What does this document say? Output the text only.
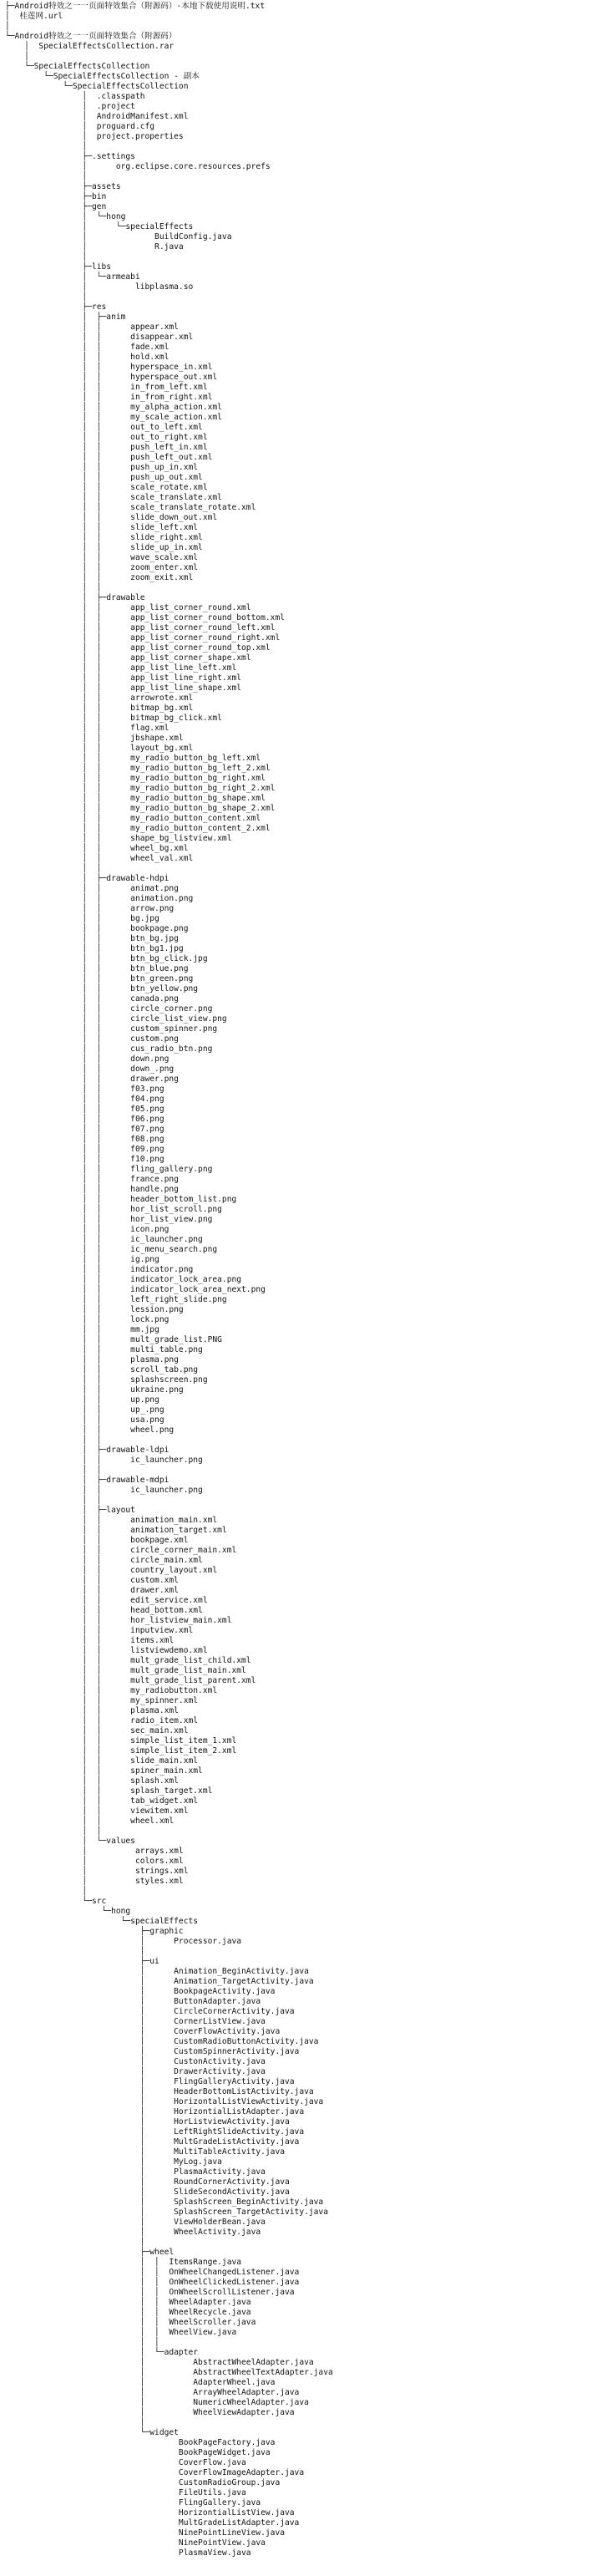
├─Android特效之一一页面特效集合（附源码）-本地下载使用说明.txt
│  桂莲网.url
│
└─Android特效之一一页面特效集合（附源码）
│  SpecialEffectsCollection.rar
│
└─SpecialEffectsCollection
└─SpecialEffectsCollection - 副本
└─SpecialEffectsCollection
│  .classpath
│  .project
│  AndroidManifest.xml
│  proguard.cfg
│  project.properties
│
├─.settings
│      org.eclipse.core.resources.prefs
│
├─assets
├─bin
├─gen
│  └─hong
│      └─specialEffects
│              BuildConfig.java
│              R.java
│
├─libs
│  └─armeabi
│          libplasma.so
│
├─res
│  ├─anim
│  │      appear.xml
│  │      disappear.xml
│  │      fade.xml
│  │      hold.xml
│  │      hyperspace_in.xml
│  │      hyperspace_out.xml
│  │      in_from_left.xml
│  │      in_from_right.xml
│  │      my_alpha_action.xml
│  │      my_scale_action.xml
│  │      out_to_left.xml
│  │      out_to_right.xml
│  │      push_left_in.xml
│  │      push_left_out.xml
│  │      push_up_in.xml
│  │      push_up_out.xml
│  │      scale_rotate.xml
│  │      scale_translate.xml
│  │      scale_translate_rotate.xml
│  │      slide_down_out.xml
│  │      slide_left.xml
│  │      slide_right.xml
│  │      slide_up_in.xml
│  │      wave_scale.xml
│  │      zoom_enter.xml
│  │      zoom_exit.xml
│  │
│  ├─drawable
│  │      app_list_corner_round.xml
│  │      app_list_corner_round_bottom.xml
│  │      app_list_corner_round_left.xml
│  │      app_list_corner_round_right.xml
│  │      app_list_corner_round_top.xml
│  │      app_list_corner_shape.xml
│  │      app_list_line_left.xml
│  │      app_list_line_right.xml
│  │      app_list_line_shape.xml
│  │      arrowrote.xml
│  │      bitmap_bg.xml
│  │      bitmap_bg_click.xml
│  │      flag.xml
│  │      jbshape.xml
│  │      layout_bg.xml
│  │      my_radio_button_bg_left.xml
│  │      my_radio_button_bg_left_2.xml
│  │      my_radio_button_bg_right.xml
│  │      my_radio_button_bg_right_2.xml
│  │      my_radio_button_bg_shape.xml
│  │      my_radio_button_bg_shape_2.xml
│  │      my_radio_button_content.xml
│  │      my_radio_button_content_2.xml
│  │      shape_bg_listview.xml
│  │      wheel_bg.xml
│  │      wheel_val.xml
│  │
│  ├─drawable-hdpi
│  │      animat.png
│  │      animation.png
│  │      arrow.png
│  │      bg.jpg
│  │      bookpage.png
│  │      btn_bg.jpg
│  │      btn_bg1.jpg
│  │      btn_bg_click.jpg
│  │      btn_blue.png
│  │      btn_green.png
│  │      btn_yellow.png
│  │      canada.png
│  │      circle_corner.png
│  │      circle_list_view.png
│  │      custom_spinner.png
│  │      custom.png
│  │      cus_radio_btn.png
│  │      down.png
│  │      down_.png
│  │      drawer.png
│  │      f03.png
│  │      f04.png
│  │      f05.png
│  │      f06.png
│  │      f07.png
│  │      f08.png
│  │      f09.png
│  │      f10.png
│  │      fling_gallery.png
│  │      france.png
│  │      handle.png
│  │      header_bottom_list.png
│  │      hor_list_scroll.png
│  │      hor_list_view.png
│  │      icon.png
│  │      ic_launcher.png
│  │      ic_menu_search.png
│  │      ig.png
│  │      indicator.png
│  │      indicator_lock_area.png
│  │      indicator_lock_area_next.png
│  │      left_right_slide.png
│  │      lession.png
│  │      lock.png
│  │      mm.jpg
│  │      mult_grade_list.PNG
│  │      multi_table.png
│  │      plasma.png
│  │      scroll_tab.png
│  │      splashscreen.png
│  │      ukraine.png
│  │      up.png
│  │      up_.png
│  │      usa.png
│  │      wheel.png
│  │
│  ├─drawable-ldpi
│  │      ic_launcher.png
│  │
│  ├─drawable-mdpi
│  │      ic_launcher.png
│  │
│  ├─layout
│  │      animation_main.xml
│  │      animation_target.xml
│  │      bookpage.xml
│  │      circle_corner_main.xml
│  │      circle_main.xml
│  │      country_layout.xml
│  │      custom.xml
│  │      drawer.xml
│  │      edit_service.xml
│  │      head_bottom.xml
│  │      hor_listview_main.xml
│  │      inputview.xml
│  │      items.xml
│  │      listviewdemo.xml
│  │      mult_grade_list_child.xml
│  │      mult_grade_list_main.xml
│  │      mult_grade_list_parent.xml
│  │      my_radiobutton.xml
│  │      my_spinner.xml
│  │      plasma.xml
│  │      radio_item.xml
│  │      sec_main.xml
│  │      simple_list_item_1.xml
│  │      simple_list_item_2.xml
│  │      slide_main.xml
│  │      spiner_main.xml
│  │      splash.xml
│  │      splash_target.xml
│  │      tab_widget.xml
│  │      viewitem.xml
│  │      wheel.xml
│  │
│  └─values
│          arrays.xml
│          colors.xml
│          strings.xml
│          styles.xml
│
└─src
└─hong
└─specialEffects
├─graphic
│      Processor.java
│
├─ui
│      Animation_BeginActivity.java
│      Animation_TargetActivity.java
│      BookpageActivity.java
│      ButtonAdapter.java
│      CircleCornerActivity.java
│      CornerListView.java
│      CoverFlowActivity.java
│      CustomRadioButtonActivity.java
│      CustomSpinnerActivity.java
│      CustonActivity.java
│      DrawerActivity.java
│      FlingGalleryActivity.java
│      HeaderBottomListActivity.java
│      HorizontalListViewActivity.java
│      HorizontialListAdapter.java
│      HorListviewActivity.java
│      LeftRightSlideActivity.java
│      MultGradeListActivity.java
│      MultiTableActivity.java
│      MyLog.java
│      PlasmaActivity.java
│      RoundCornerActivity.java
│      SlideSecondActivity.java
│      SplashScreen_BeginActivity.java
│      SplashScreen_TargetActivity.java
│      ViewHolderBean.java
│      WheelActivity.java
│
├─wheel
│  │  ItemsRange.java
│  │  OnWheelChangedListener.java
│  │  OnWheelClickedListener.java
│  │  OnWheelScrollListener.java
│  │  WheelAdapter.java
│  │  WheelRecycle.java
│  │  WheelScroller.java
│  │  WheelView.java
│  │
│  └─adapter
│          AbstractWheelAdapter.java
│          AbstractWheelTextAdapter.java
│          AdapterWheel.java
│          ArrayWheelAdapter.java
│          NumericWheelAdapter.java
│          WheelViewAdapter.java
│
└─widget
BookPageFactory.java
BookPageWidget.java
CoverFlow.java
CoverFlowImageAdapter.java
CustomRadioGroup.java
FileUtils.java
FlingGallery.java
HorizontialListView.java
MultGradeListAdapter.java
NinePointLineView.java
NinePointView.java
PlasmaView.java
